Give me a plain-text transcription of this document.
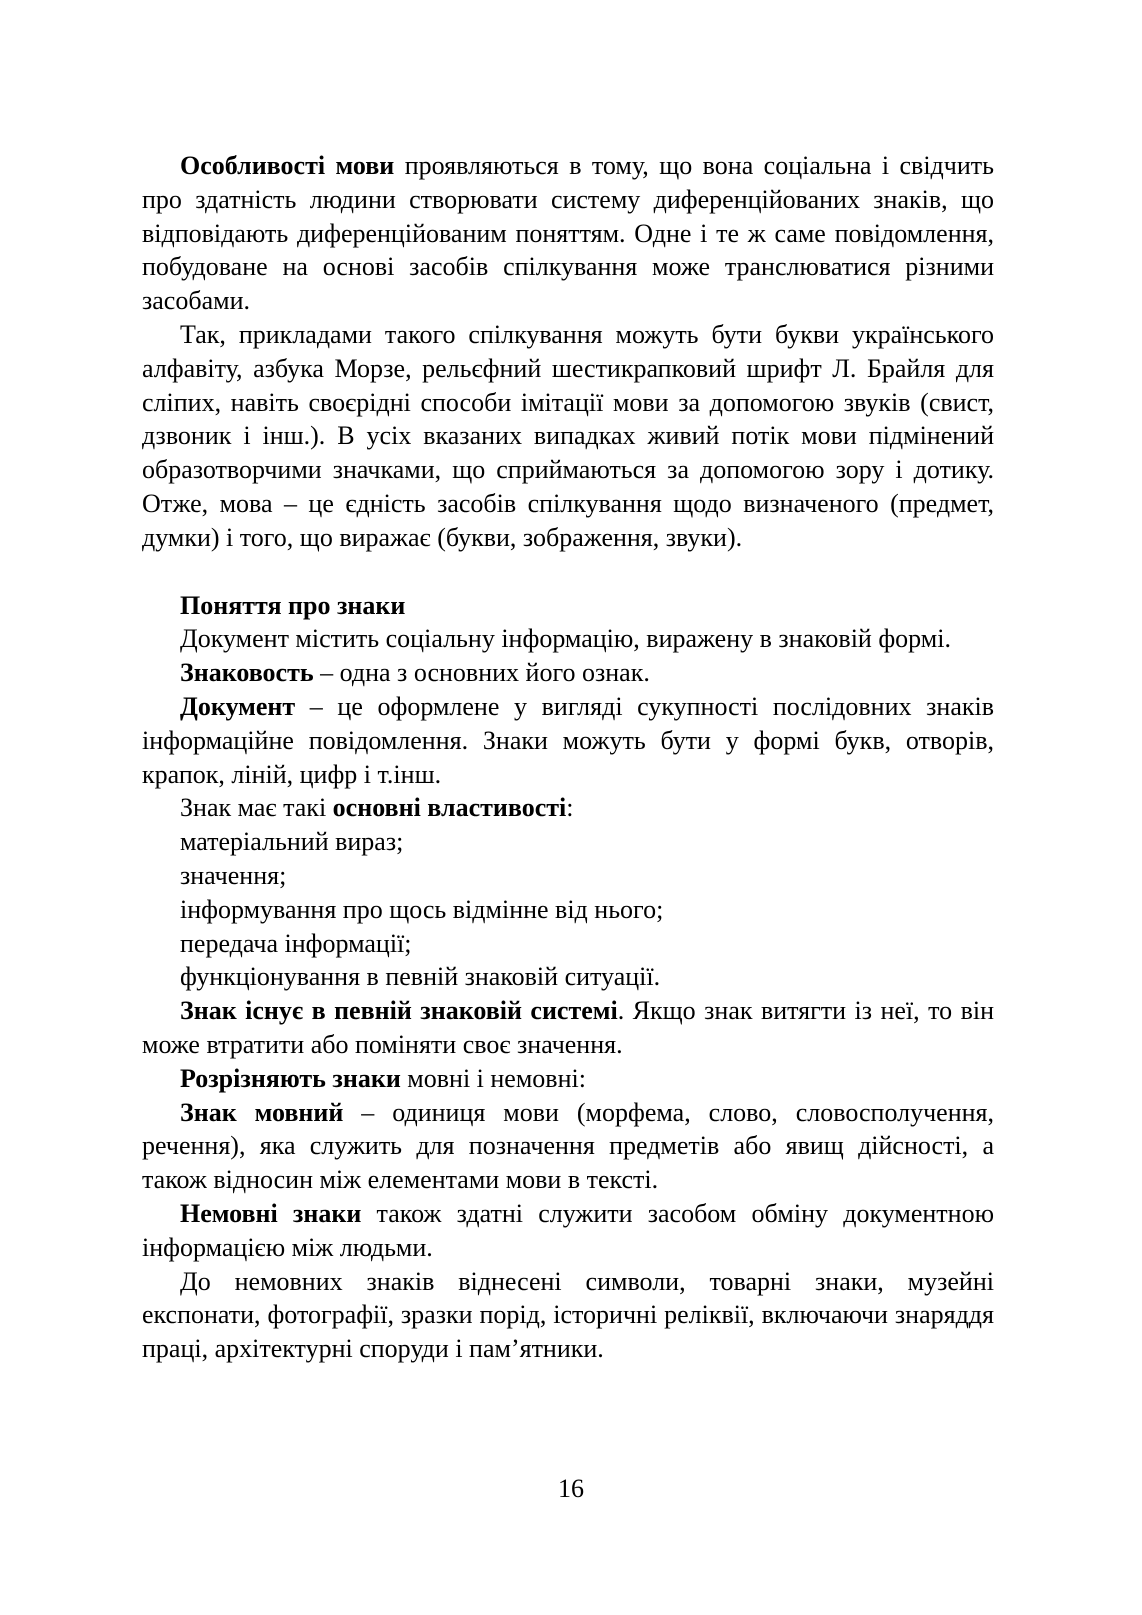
Особливості мови проявляються в тому, що вона соціальна і свідчить про здатність людини створювати систему диференційованих знаків, що відповідають диференційованим поняттям. Одне і те ж саме повідомлення, побудоване на основі засобів спілкування може транслюватися різними засобами.

Так, прикладами такого спілкування можуть бути букви українського алфавіту, азбука Морзе, рельєфний шестикрапковий шрифт Л. Брайля для сліпих, навіть своєрідні способи імітації мови за допомогою звуків (свист, дзвоник і інш.). В усіх вказаних випадках живий потік мови підмінений образотворчими значками, що сприймаються за допомогою зору і дотику. Отже, мова – це єдність засобів спілкування щодо визначеного (предмет, думки) і того, що виражає (букви, зображення, звуки).

Поняття про знаки

Документ містить соціальну інформацію, виражену в знаковій формі.

Знаковость – одна з основних його ознак.

Документ – це оформлене у вигляді сукупності послідовних знаків інформаційне повідомлення. Знаки можуть бути у формі букв, отворів, крапок, ліній, цифр і т.інш.

Знак має такі основні властивості:

матеріальний вираз;

значення;

інформування про щось відмінне від нього;

передача інформації;

функціонування в певній знаковій ситуації.

Знак існує в певній знаковій системі. Якщо знак витягти із неї, то він може втратити або поміняти своє значення.

Розрізняють знаки мовні і немовні:

Знак мовний – одиниця мови (морфема, слово, словосполучення, речення), яка служить для позначення предметів або явищ дійсності, а також відносин між елементами мови в тексті.

Немовні знаки також здатні служити засобом обміну документною інформацією між людьми.

До немовних знаків віднесені символи, товарні знаки, музейні експонати, фотографії, зразки порід, історичні реліквії, включаючи знаряддя праці, архітектурні споруди і пам’ятники.

16
